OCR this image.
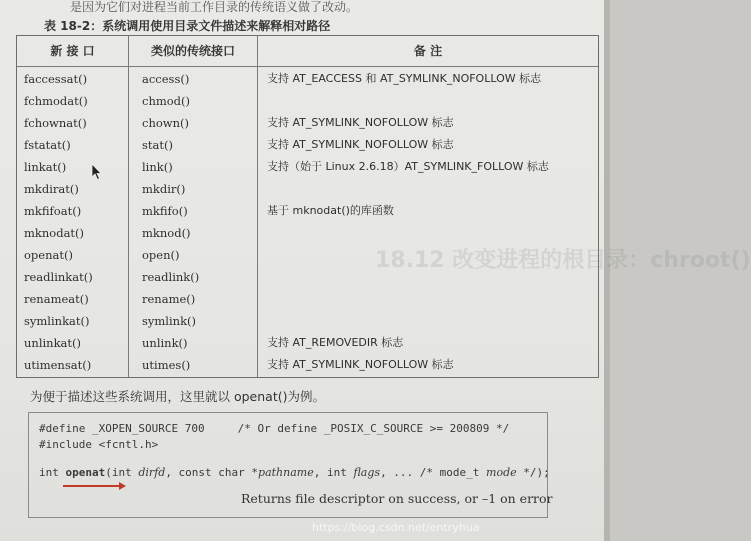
是因为它们对进程当前工作目录的传统语义做了改动。
表 18-2：系统调用使用目录文件描述来解释相对路径
18.12 改变进程的根目录：chroot()
新 接 口	类似的传统接口	备 注
faccessat()	access()	支持 AT_EACCESS 和 AT_SYMLINK_NOFOLLOW 标志
fchmodat()	chmod()
fchownat()	chown()	支持 AT_SYMLINK_NOFOLLOW 标志
fstatat()	stat()	支持 AT_SYMLINK_NOFOLLOW 标志
linkat()	link()	支持（始于 Linux 2.6.18）AT_SYMLINK_FOLLOW 标志
mkdirat()	mkdir()
mkfifoat()	mkfifo()	基于 mknodat()的库函数
mknodat()	mknod()
openat()	open()
readlinkat()	readlink()
renameat()	rename()
symlinkat()	symlink()
unlinkat()	unlink()	支持 AT_REMOVEDIR 标志
utimensat()	utimes()	支持 AT_SYMLINK_NOFOLLOW 标志
为便于描述这些系统调用，这里就以 openat()为例。
#define _XOPEN_SOURCE 700     /* Or define _POSIX_C_SOURCE >= 200809 */
#include <fcntl.h>
int openat(int dirfd, const char *pathname, int flags, ... /* mode_t mode */);
Returns file descriptor on success, or –1 on error
https://blog.csdn.net/entryhua
